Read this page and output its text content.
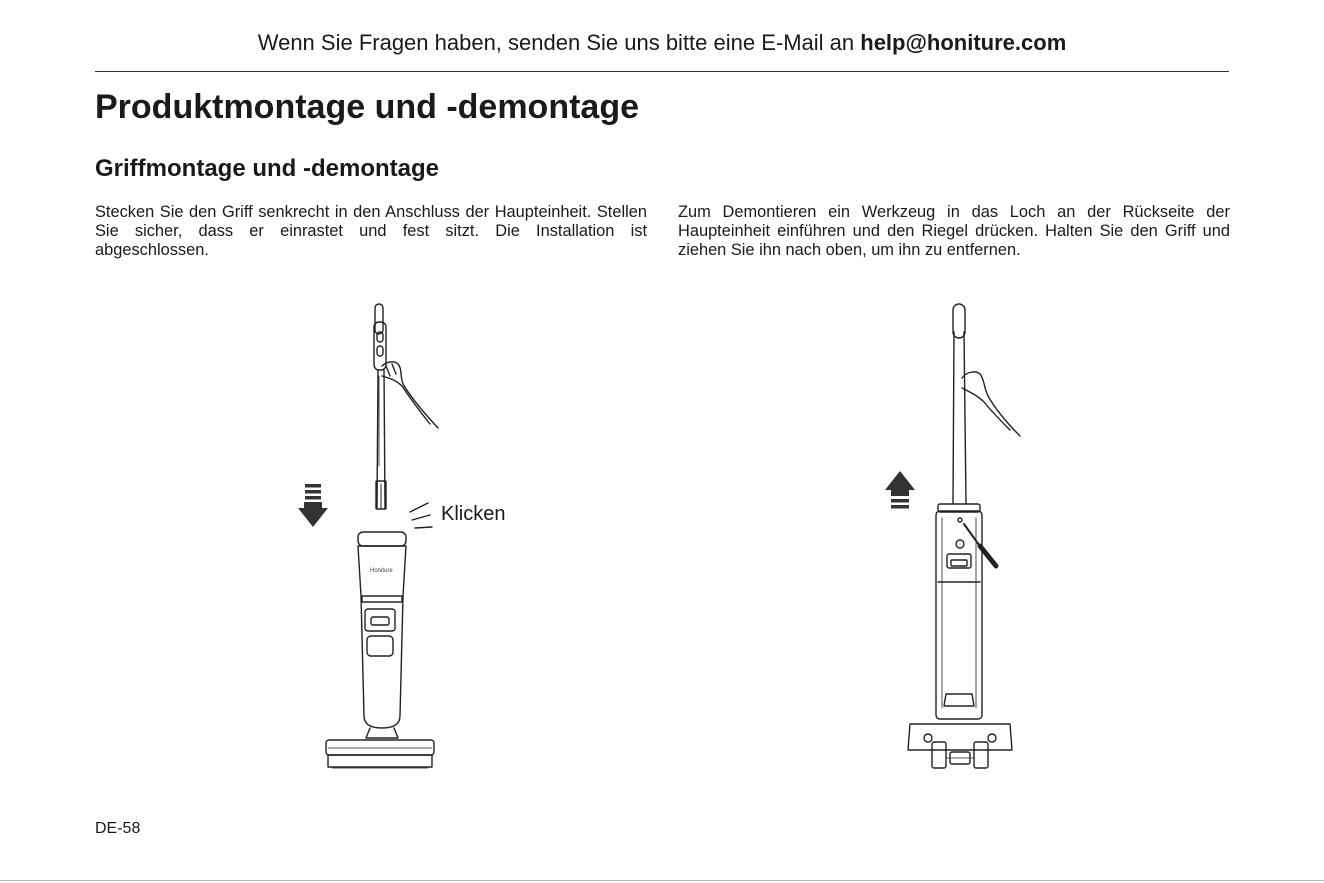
Wenn Sie Fragen haben, senden Sie uns bitte eine E-Mail an help@honiture.com
Produktmontage und -demontage
Griffmontage und -demontage

Stecken Sie den Griff senkrecht in den Anschluss der Haupteinheit. Stellen Sie sicher, dass er einrastet und fest sitzt. Die Installation ist abgeschlossen.

Zum Demontieren ein Werkzeug in das Loch an der Rückseite der Haupteinheit einführen und den Riegel drücken. Halten Sie den Griff und ziehen Sie ihn nach oben, um ihn zu entfernen.

Honiture
Klicken
DE-58
